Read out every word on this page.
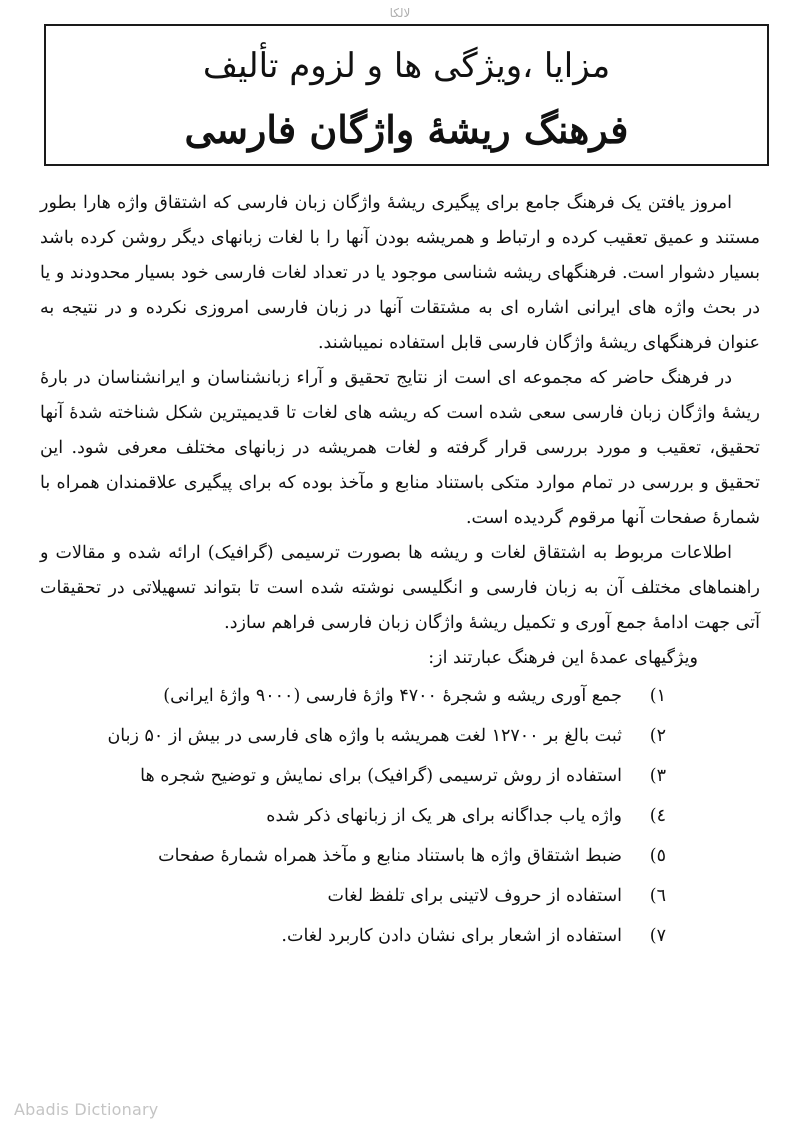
لالکا
مزایا ،ویژگی ها و لزوم تألیف
فرهنگ ریشهٔ واژگان فارسی

امروز یافتن یک فرهنگ جامع برای پیگیری ریشهٔ واژگان زبان فارسی که اشتقاق واژه هارا بطور مستند و عمیق تعقیب کرده و ارتباط و همریشه بودن آنها را با لغات زبانهای دیگر روشن کرده باشد بسیار دشوار است. فرهنگهای ریشه شناسی موجود یا در تعداد لغات فارسی خود بسیار محدودند و یا در بحث واژه های ایرانی اشاره ای به مشتقات آنها در زبان فارسی امروزی نکرده و در نتیجه به عنوان فرهنگهای ریشهٔ واژگان فارسی قابل استفاده نمیباشند.

در فرهنگ حاضر که مجموعه ای است از نتایج تحقیق و آراء زبانشناسان و ایرانشناسان در بارهٔ ریشهٔ واژگان زبان فارسی سعی شده است که ریشه های لغات تا قدیمیترین شکل شناخته شدهٔ آنها تحقیق، تعقیب و مورد بررسی قرار گرفته و لغات همریشه در زبانهای مختلف معرفی شود. این تحقیق و بررسی در تمام موارد متکی باستناد منابع و مآخذ بوده که برای پیگیری علاقمندان همراه با شمارهٔ صفحات آنها مرقوم گردیده است.

اطلاعات مربوط به اشتقاق لغات و ریشه ها بصورت ترسیمی (گرافیک) ارائه شده و مقالات و راهنماهای مختلف آن به زبان فارسی و انگلیسی نوشته شده است تا بتواند تسهیلاتی در تحقیقات آتی جهت ادامهٔ جمع آوری و تکمیل ریشهٔ واژگان زبان فارسی فراهم سازد.

ویژگیهای عمدهٔ این فرهنگ عبارتند از:

۱)
جمع آوری ریشه و شجرهٔ ۴۷۰۰ واژهٔ فارسی (۹۰۰۰ واژهٔ ایرانی)
۲)
ثبت بالغ بر ۱۲۷۰۰ لغت همریشه با واژه های فارسی در بیش از ۵۰ زبان
۳)
استفاده از روش ترسیمی (گرافیک) برای نمایش و توضیح شجره ها
٤)
واژه یاب جداگانه برای هر یک از زبانهای ذکر شده
٥)
ضبط اشتقاق واژه ها باستناد منابع و مآخذ همراه شمارهٔ صفحات
٦)
استفاده از حروف لاتینی برای تلفظ لغات
۷)
استفاده از اشعار برای نشان دادن کاربرد لغات.
Abadis Dictionary
